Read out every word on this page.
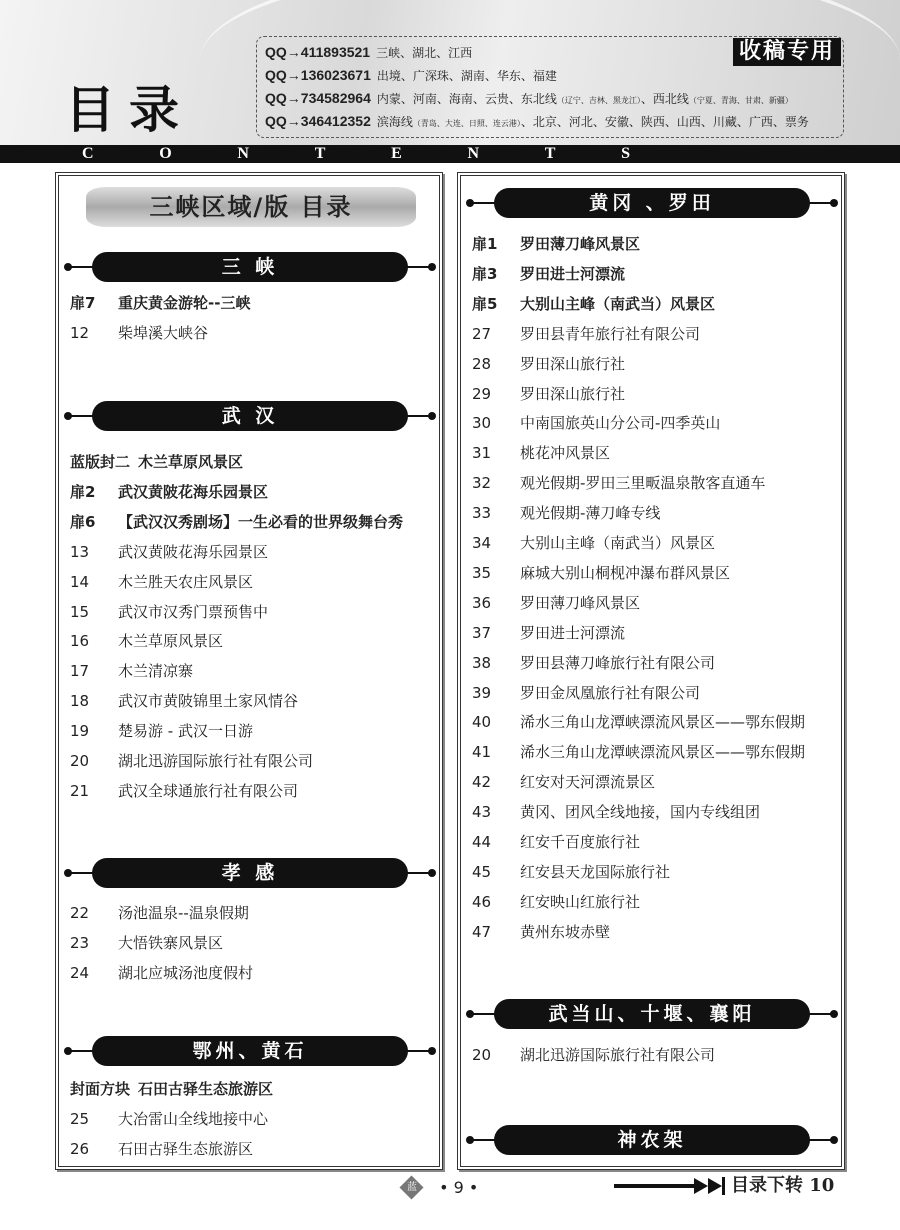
目录
收稿专用
QQ→411893521 三峡、湖北、江西
QQ→136023671 出境、广深珠、湖南、华东、福建
QQ→734582964 内蒙、河南、海南、云贵、东北线（辽宁、吉林、黑龙江）、西北线（宁夏、青海、甘肃、新疆）
QQ→346412352 滨海线（青岛、大连、日照、连云港）、北京、河北、安徽、陕西、山西、川藏、广西、票务
C	O	N	T	E	N	T	S
三峡区域/版 目录
三 峡
扉7 重庆黄金游轮--三峡
12 柴埠溪大峡谷
武 汉
蓝版封二 木兰草原风景区
扉2 武汉黄陂花海乐园景区
扉6 【武汉汉秀剧场】一生必看的世界级舞台秀
13 武汉黄陂花海乐园景区
14 木兰胜天农庄风景区
15 武汉市汉秀门票预售中
16 木兰草原风景区
17 木兰清凉寨
18 武汉市黄陂锦里土家风情谷
19 楚易游 - 武汉一日游
20 湖北迅游国际旅行社有限公司
21 武汉全球通旅行社有限公司
孝 感
22 汤池温泉--温泉假期
23 大悟铁寨风景区
24 湖北应城汤池度假村
鄂州、黄石
封面方块 石田古驿生态旅游区
25 大冶雷山全线地接中心
26 石田古驿生态旅游区
黄冈 、罗田
扉1 罗田薄刀峰风景区
扉3 罗田进士河漂流
扉5 大别山主峰（南武当）风景区
27 罗田县青年旅行社有限公司
28 罗田深山旅行社
29 罗田深山旅行社
30 中南国旅英山分公司-四季英山
31 桃花冲风景区
32 观光假期-罗田三里畈温泉散客直通车
33 观光假期-薄刀峰专线
34 大别山主峰（南武当）风景区
35 麻城大别山桐枧冲瀑布群风景区
36 罗田薄刀峰风景区
37 罗田进士河漂流
38 罗田县薄刀峰旅行社有限公司
39 罗田金凤凰旅行社有限公司
40 浠水三角山龙潭峡漂流风景区——鄂东假期
41 浠水三角山龙潭峡漂流风景区——鄂东假期
42 红安对天河漂流景区
43 黄冈、团风全线地接，国内专线组团
44 红安千百度旅行社
45 红安县天龙国际旅行社
46 红安映山红旅行社
47 黄州东坡赤壁
武当山、十堰、襄阳
20 湖北迅游国际旅行社有限公司
神农架
蓝	• 9 •	目录下转 10
